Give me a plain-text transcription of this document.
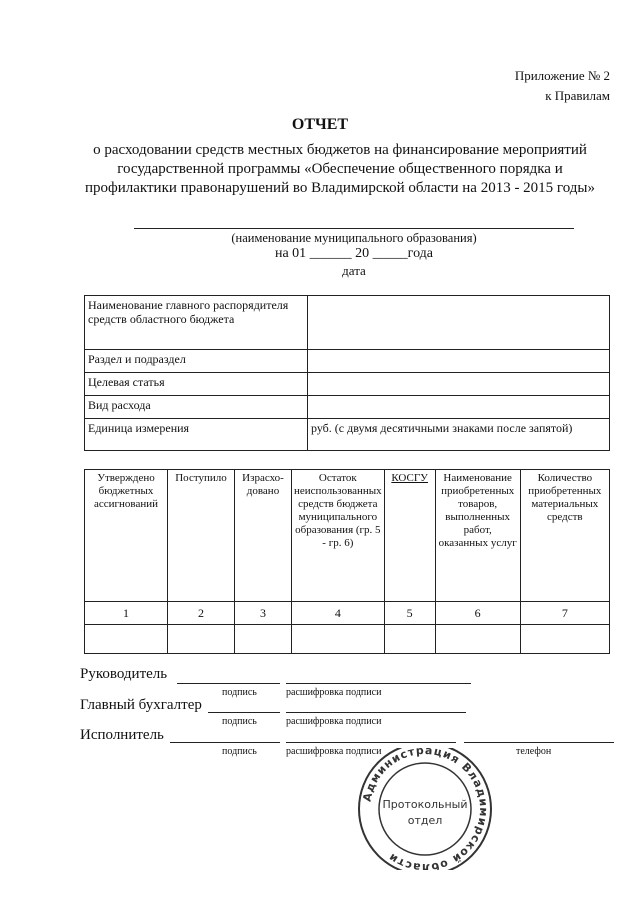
Приложение № 2
к Правилам
ОТЧЕТ
о расходовании средств местных бюджетов на финансирование мероприятий
государственной программы «Обеспечение общественного порядка и
профилактики правонарушений во Владимирской области на 2013 - 2015 годы»
(наименование муниципального образования)
на 01 ______ 20 _____года
дата
Наименование главного распорядителя средств областного бюджета	
Раздел и подраздел	
Целевая статья	
Вид расхода	
Единица измерения	руб. (с двумя десятичными знаками после запятой)
Утверждено бюджетных ассигнований	Поступило	Израсхо-довано	Остаток неиспользованных средств бюджета муниципального образования (гр. 5 - гр. 6)	КОСГУ	Наименование приобретенных товаров, выполненных работ, оказанных услуг	Количество приобретенных материальных средств
1	2	3	4	5	6	7

Руководитель
подпись	расшифровка подписи
Главный бухгалтер
подпись	расшифровка подписи
Исполнитель
подпись	расшифровка подписи	телефон
Администрация Владимирской области
Протокольный
отдел
